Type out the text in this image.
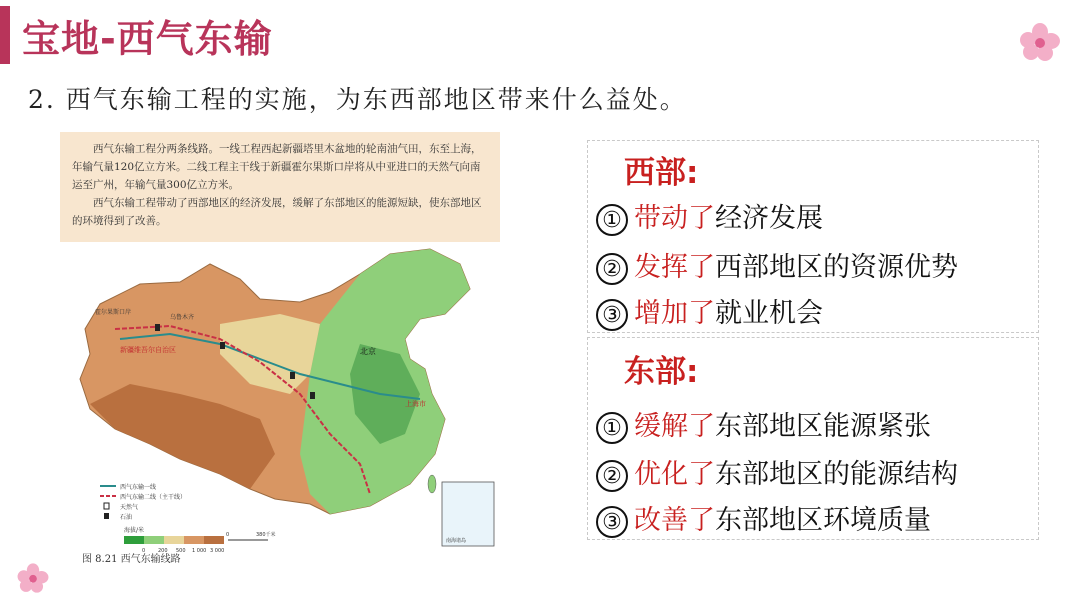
宝地-西气东输
2. 西气东输工程的实施，为东西部地区带来什么益处。

西气东输工程分两条线路。一线工程西起新疆塔里木盆地的轮南油气田，东至上海，年输气量120亿立方米。二线工程主干线于新疆霍尔果斯口岸将从中亚进口的天然气向南运至广州，年输气量300亿立方米。

西气东输工程带动了西部地区的经济发展，缓解了东部地区的能源短缺，使东部地区的环境得到了改善。

新疆维吾尔自治区
霍尔果斯口岸
乌鲁木齐
北京
上海市
南海诸岛
西气东输一线
西气东输二线（主干线）
天然气
石油
海拔/米
0	200 500 1 000 3 000
0	380千米
图 8.21 西气东输线路
西部:
① 带动了经济发展
② 发挥了西部地区的资源优势
③ 增加了就业机会
东部:
① 缓解了东部地区能源紧张
② 优化了东部地区的能源结构
③ 改善了东部地区环境质量
